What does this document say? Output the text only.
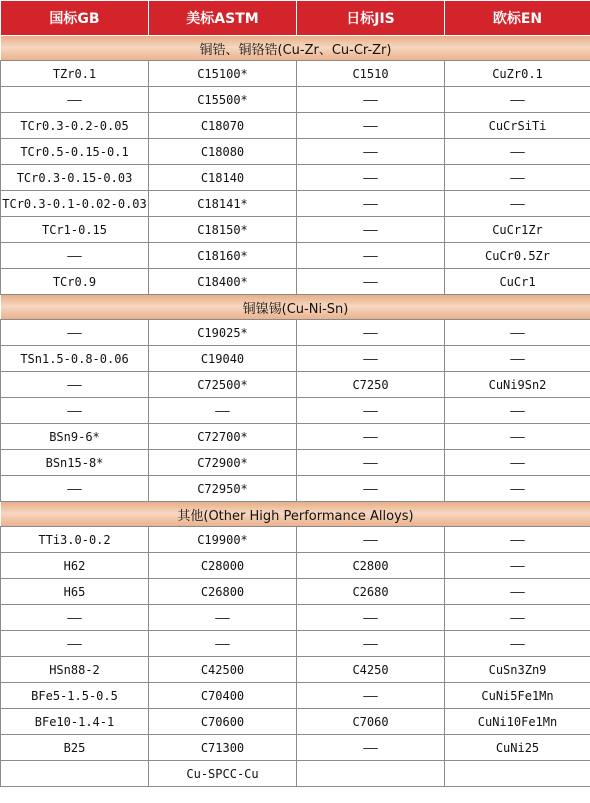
国标GB	美标ASTM	日标JIS	欧标EN
铜锆、铜铬锆(Cu-Zr、Cu-Cr-Zr)			
TZr0.1	C15100*	C1510	CuZr0.1
——	C15500*	——	——
TCr0.3-0.2-0.05	C18070	——	CuCrSiTi
TCr0.5-0.15-0.1	C18080	——	——
TCr0.3-0.15-0.03	C18140	——	——
TCr0.3-0.1-0.02-0.03	C18141*	——	——
TCr1-0.15	C18150*	——	CuCr1Zr
——	C18160*	——	CuCr0.5Zr
TCr0.9	C18400*	——	CuCr1
铜镍锡(Cu-Ni-Sn)			
——	C19025*	——	——
TSn1.5-0.8-0.06	C19040	——	——
——	C72500*	C7250	CuNi9Sn2
——	——	——	——
BSn9-6*	C72700*	——	——
BSn15-8*	C72900*	——	——
——	C72950*	——	——
其他(Other High Performance Alloys)			
TTi3.0-0.2	C19900*	——	——
H62	C28000	C2800	——
H65	C26800	C2680	——
——	——	——	——
——	——	——	——
HSn88-2	C42500	C4250	CuSn3Zn9
BFe5-1.5-0.5	C70400	——	CuNi5Fe1Mn
BFe10-1.4-1	C70600	C7060	CuNi10Fe1Mn
B25	C71300	——	CuNi25
	Cu-SPCC-Cu		
